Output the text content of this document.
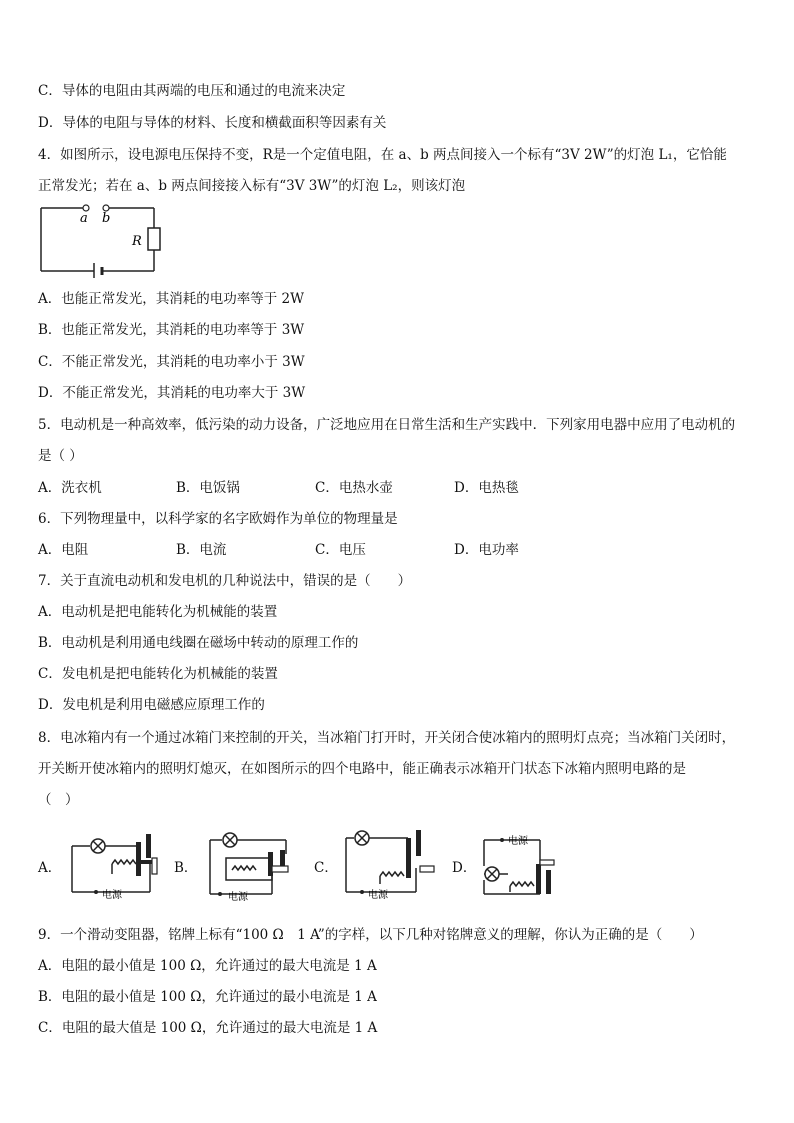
C．导体的电阻由其两端的电压和通过的电流来决定
D．导体的电阻与导体的材料、长度和横截面积等因素有关
4．如图所示，设电源电压保持不变，R是一个定值电阻，在 a、b 两点间接入一个标有“3V 2W”的灯泡 L₁，它恰能
正常发光；若在 a、b 两点间接接入标有“3V 3W”的灯泡 L₂，则该灯泡
a b
R
A．也能正常发光，其消耗的电功率等于 2W
B．也能正常发光，其消耗的电功率等于 3W
C．不能正常发光，其消耗的电功率小于 3W
D．不能正常发光，其消耗的电功率大于 3W
5．电动机是一种高效率，低污染的动力设备，广泛地应用在日常生活和生产实践中．下列家用电器中应用了电动机的
是（ ）
A．洗衣机	B．电饭锅	C．电热水壶	D．电热毯
6．下列物理量中，以科学家的名字欧姆作为单位的物理量是
A．电阻	B．电流	C．电压	D．电功率
7．关于直流电动机和发电机的几种说法中，错误的是（　　）
A．电动机是把电能转化为机械能的装置
B．电动机是利用通电线圈在磁场中转动的原理工作的
C．发电机是把电能转化为机械能的装置
D．发电机是利用电磁感应原理工作的
8．电冰箱内有一个通过冰箱门来控制的开关，当冰箱门打开时，开关闭合使冰箱内的照明灯点亮；当冰箱门关闭时，
开关断开使冰箱内的照明灯熄灭，在如图所示的四个电路中，能正确表示冰箱开门状态下冰箱内照明电路的是
（　）
A．	B．	C．	D．
电源	电源	电源
电源
9．一个滑动变阻器，铭牌上标有“100 Ω　1 A”的字样，以下几种对铭牌意义的理解，你认为正确的是（　　）
A．电阻的最小值是 100 Ω，允许通过的最大电流是 1 A
B．电阻的最小值是 100 Ω，允许通过的最小电流是 1 A
C．电阻的最大值是 100 Ω，允许通过的最大电流是 1 A
